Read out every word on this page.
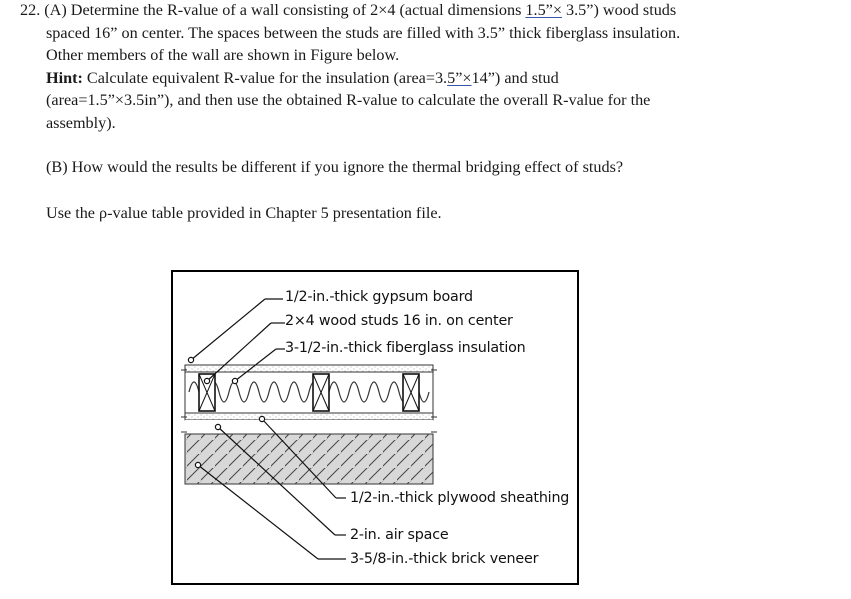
22. (A) Determine the R-value of a wall consisting of 2×4 (actual dimensions 1.5”× 3.5”) wood studs
spaced 16” on center. The spaces between the studs are filled with 3.5” thick fiberglass insulation.
Other members of the wall are shown in Figure below.
Hint: Calculate equivalent R-value for the insulation (area=3.5”×14”) and stud
(area=1.5”×3.5in”), and then use the obtained R-value to calculate the overall R-value for the
assembly).

(B) How would the results be different if you ignore the thermal bridging effect of studs?

Use the ρ-value table provided in Chapter 5 presentation file.

1/2-in.-thick gypsum board
2×4 wood studs 16 in. on center
3-1/2-in.-thick fiberglass insulation
1/2-in.-thick plywood sheathing
2-in. air space
3-5/8-in.-thick brick veneer
